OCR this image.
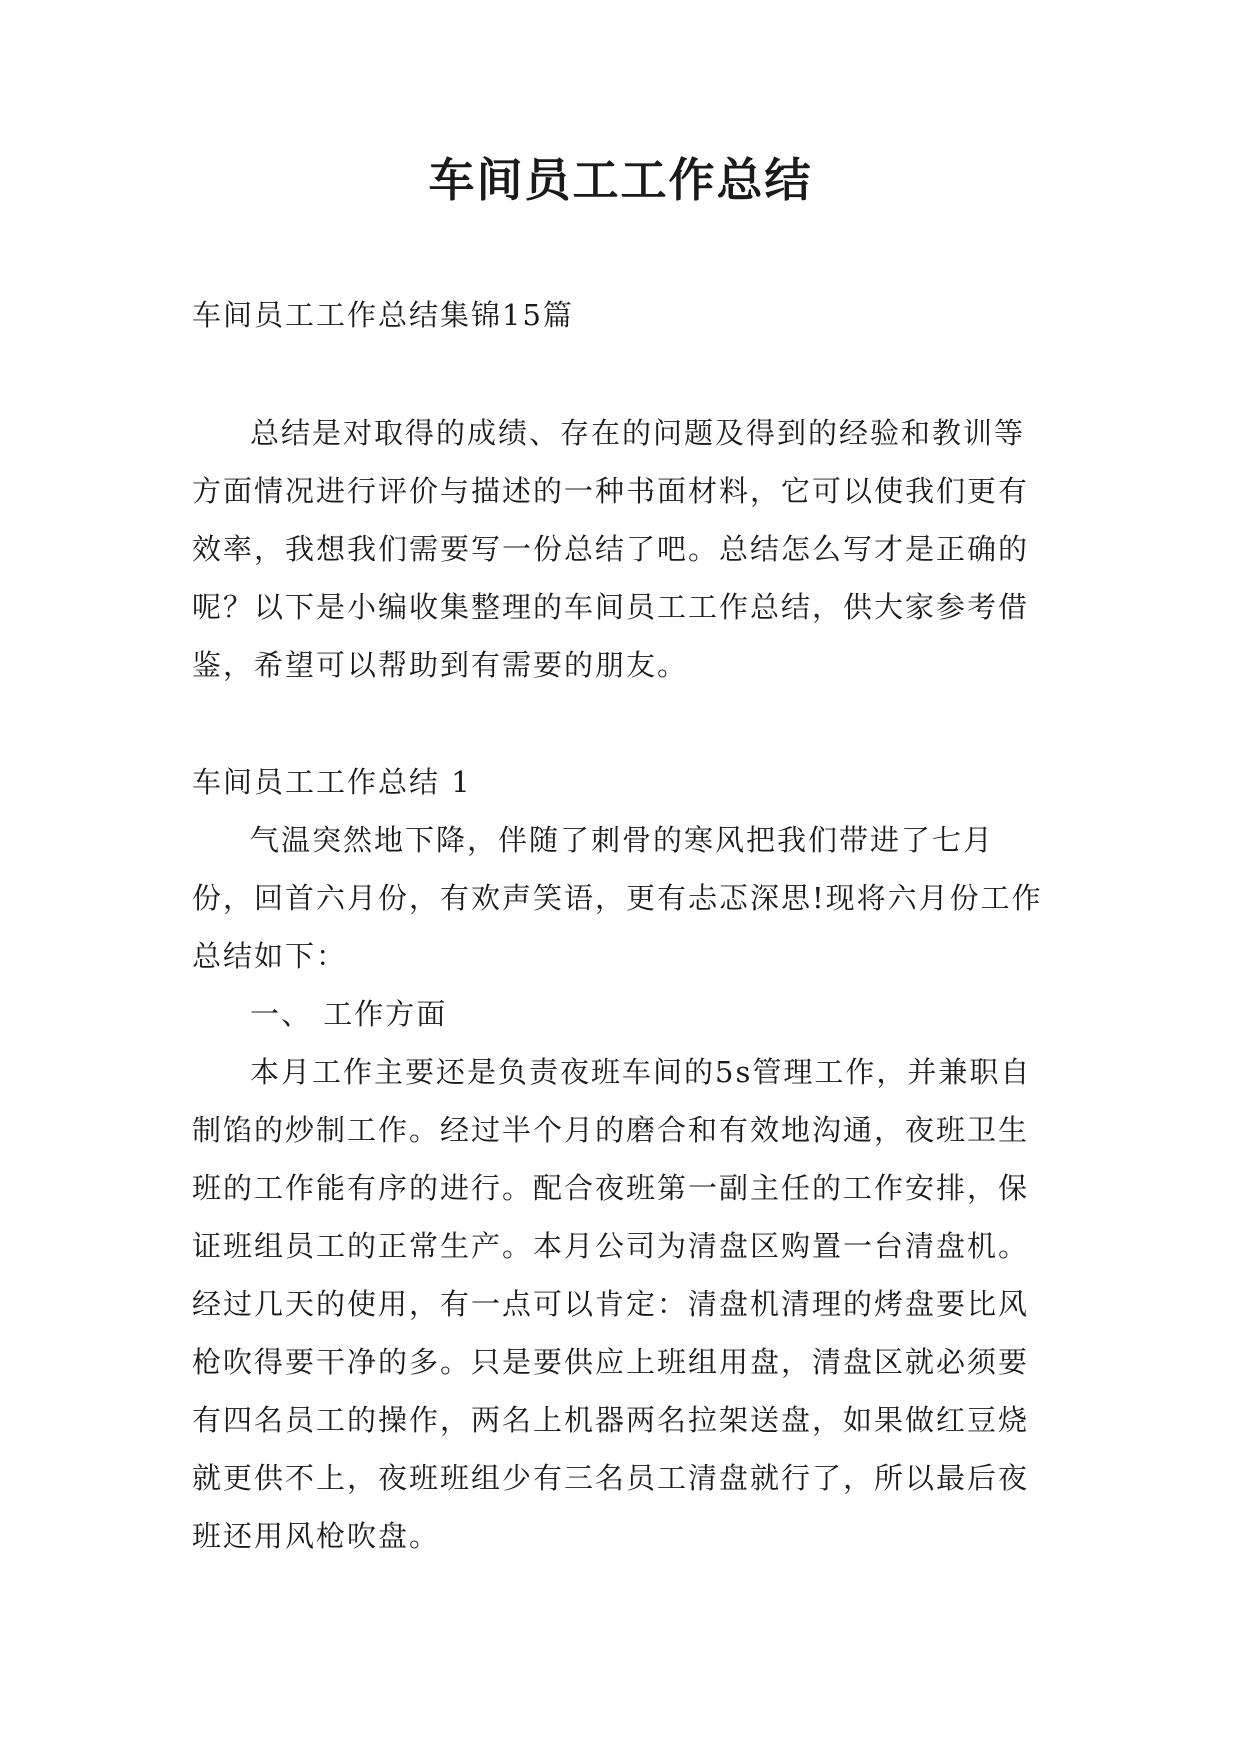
车间员工工作总结
车间员工工作总结集锦15篇

总结是对取得的成绩、存在的问题及得到的经验和教训等方面情况进行评价与描述的一种书面材料，它可以使我们更有效率，我想我们需要写一份总结了吧。总结怎么写才是正确的呢？以下是小编收集整理的车间员工工作总结，供大家参考借鉴，希望可以帮助到有需要的朋友。

车间员工工作总结 1

气温突然地下降，伴随了刺骨的寒风把我们带进了七月份，回首六月份，有欢声笑语，更有忐忑深思!现将六月份工作总结如下：

一、 工作方面

本月工作主要还是负责夜班车间的5s管理工作，并兼职自制馅的炒制工作。经过半个月的磨合和有效地沟通，夜班卫生班的工作能有序的进行。配合夜班第一副主任的工作安排，保证班组员工的正常生产。本月公司为清盘区购置一台清盘机。经过几天的使用，有一点可以肯定：清盘机清理的烤盘要比风枪吹得要干净的多。只是要供应上班组用盘，清盘区就必须要有四名员工的操作，两名上机器两名拉架送盘，如果做红豆烧就更供不上，夜班班组少有三名员工清盘就行了，所以最后夜班还用风枪吹盘。
